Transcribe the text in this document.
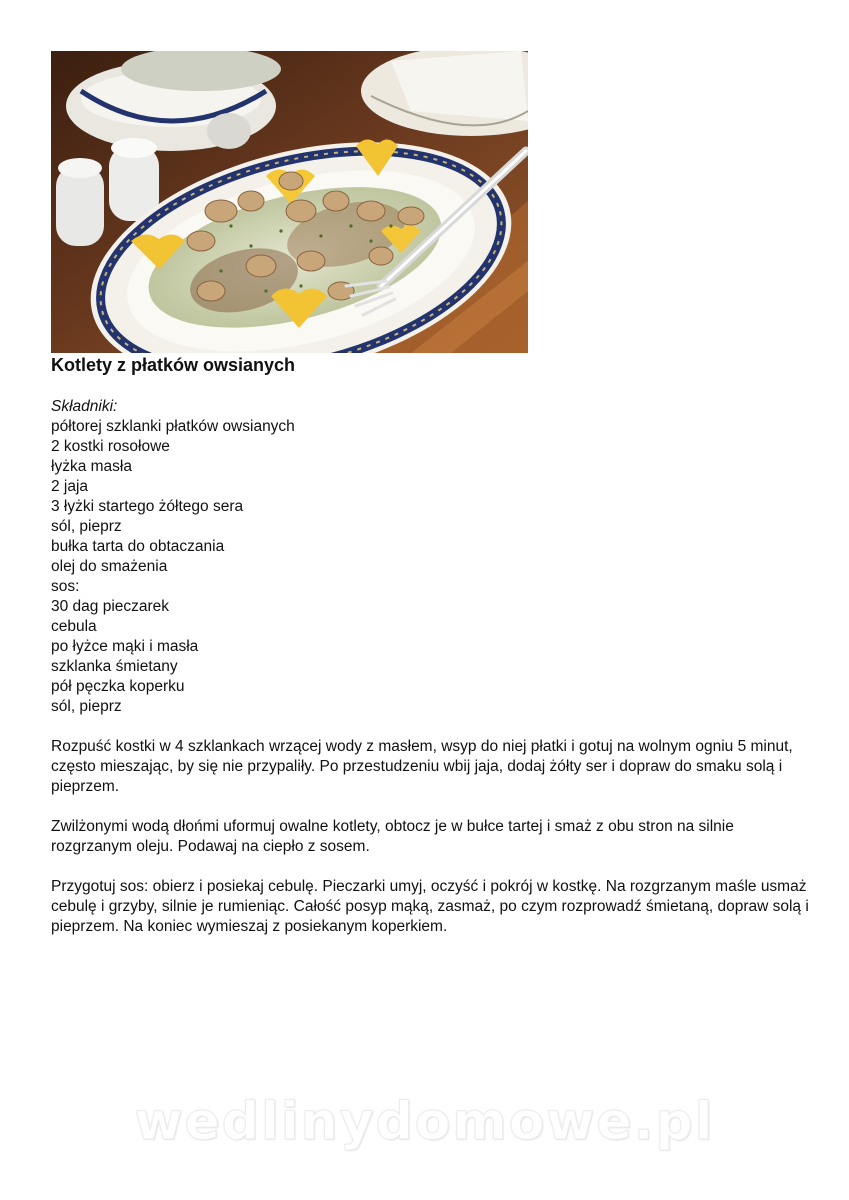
Kotlety z płatków owsianych

Składniki:

półtorej szklanki płatków owsianych
2 kostki rosołowe
łyżka masła
2 jaja
3 łyżki startego żółtego sera
sól, pieprz
bułka tarta do obtaczania
olej do smażenia
sos:
30 dag pieczarek
cebula
po łyżce mąki i masła
szklanka śmietany
pół pęczka koperku
sól, pieprz

Rozpuść kostki w 4 szklankach wrzącej wody z masłem, wsyp do niej płatki i gotuj na wolnym ogniu 5 minut, często mieszając, by się nie przypaliły. Po przestudzeniu wbij jaja, dodaj żółty ser i dopraw do smaku solą i pieprzem.

Zwilżonymi wodą dłońmi uformuj owalne kotlety, obtocz je w bułce tartej i smaż z obu stron na silnie rozgrzanym oleju. Podawaj na ciepło z sosem.

Przygotuj sos: obierz i posiekaj cebulę. Pieczarki umyj, oczyść i pokrój w kostkę. Na rozgrzanym maśle usmaż cebulę i grzyby, silnie je rumieniąc. Całość posyp mąką, zasmaż, po czym rozprowadź śmietaną, dopraw solą i pieprzem. Na koniec wymieszaj z posiekanym koperkiem.

wedlinydomowe.pl
